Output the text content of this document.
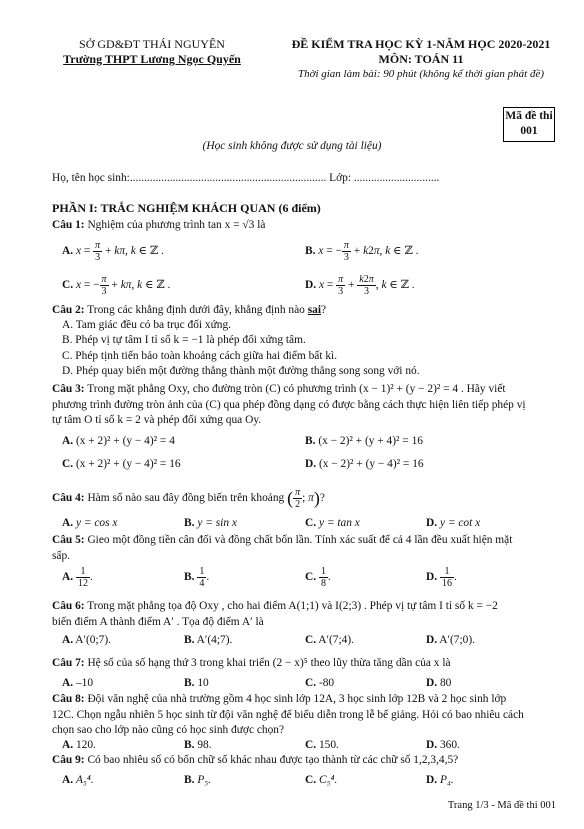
SỞ GD&ĐT THÁI NGUYÊN
Trường THPT Lương Ngọc Quyến
ĐỀ KIỂM TRA HỌC KỲ 1-NĂM HỌC 2020-2021
MÔN: TOÁN 11
Thời gian làm bài: 90 phút (không kể thời gian phát đề)
Mã đề thi
001
(Học sinh không được sử dụng tài liệu)
Họ, tên học sinh:..................................................................... Lớp: ..............................
PHẦN I: TRẮC NGHIỆM KHÁCH QUAN (6 điểm)
Câu 1: Nghiệm của phương trình tan x = √3 là
A. $x = \frac{\pi}{3} + k\pi$, k ∈ ℤ .	B. x = − $\frac{\pi}{3} + k2\pi$, k ∈ ℤ .
C. x = − $\frac{\pi}{3} + k\pi$, k ∈ ℤ .	D. $x = \frac{\pi}{3} + \frac{k2\pi}{3}$ , k ∈ ℤ .
Câu 2: Trong các khẳng định dưới đây, khẳng định nào sai?
A. Tam giác đều có ba trục đối xứng.
B. Phép vị tự tâm I tỉ số k = −1 là phép đối xứng tâm.
C. Phép tịnh tiến bảo toàn khoảng cách giữa hai điểm bất kì.
D. Phép quay biến một đường thẳng thành một đường thẳng song song với nó.
Câu 3: Trong mặt phẳng Oxy, cho đường tròn (C) có phương trình (x − 1)² + (y − 2)² = 4 . Hãy viết
phương trình đường tròn ảnh của (C) qua phép đồng dạng có được bằng cách thực hiện liên tiếp phép vị
tự tâm O tỉ số k = 2 và phép đối xứng qua Oy.
A. (x + 2)² + (y − 4)² = 4	B. (x − 2)² + (y + 4)² = 16
C. (x + 2)² + (y − 4)² = 16	D. (x − 2)² + (y − 4)² = 16
Câu 4: Hàm số nào sau đây đồng biến trên khoảng ( $\frac{\pi}{2}$ ; π)?
A. y = cos x	B. y = sin x	C. y = tan x	D. y = cot x
Câu 5: Gieo một đồng tiền cân đối và đồng chất bốn lần. Tính xác suất để cả 4 lần đều xuất hiện mặt
sấp.
A. $\frac{1}{12}$ .	B. $\frac{1}{4}$ .	C. $\frac{1}{8}$ .	D. $\frac{1}{16}$ .
Câu 6: Trong mặt phẳng tọa độ Oxy , cho hai điểm A(1;1) và I(2;3) . Phép vị tự tâm I tỉ số k = −2
biến điểm A thành điểm A′ . Tọa độ điểm A′ là
A. A′(0;7).	B. A′(4;7).	C. A′(7;4).	D. A′(7;0).
Câu 7: Hệ số của số hạng thứ 3 trong khai triển (2 − x)⁵ theo lũy thừa tăng dần của x là
A. –10	B. 10	C. -80	D. 80
Câu 8: Đội văn nghệ của nhà trường gồm 4 học sinh lớp 12A, 3 học sinh lớp 12B và 2 học sinh lớp
12C. Chọn ngẫu nhiên 5 học sinh từ đội văn nghệ để biểu diễn trong lễ bế giảng. Hỏi có bao nhiêu cách
chọn sao cho lớp nào cũng có học sinh được chọn?
A. 120.	B. 98.	C. 150.	D. 360.
Câu 9: Có bao nhiêu số có bốn chữ số khác nhau được tạo thành từ các chữ số 1,2,3,4,5?
A. A₅⁴.	B. P₅.	C. C₅⁴.	D. P₄.
Trang 1/3 - Mã đề thi 001
